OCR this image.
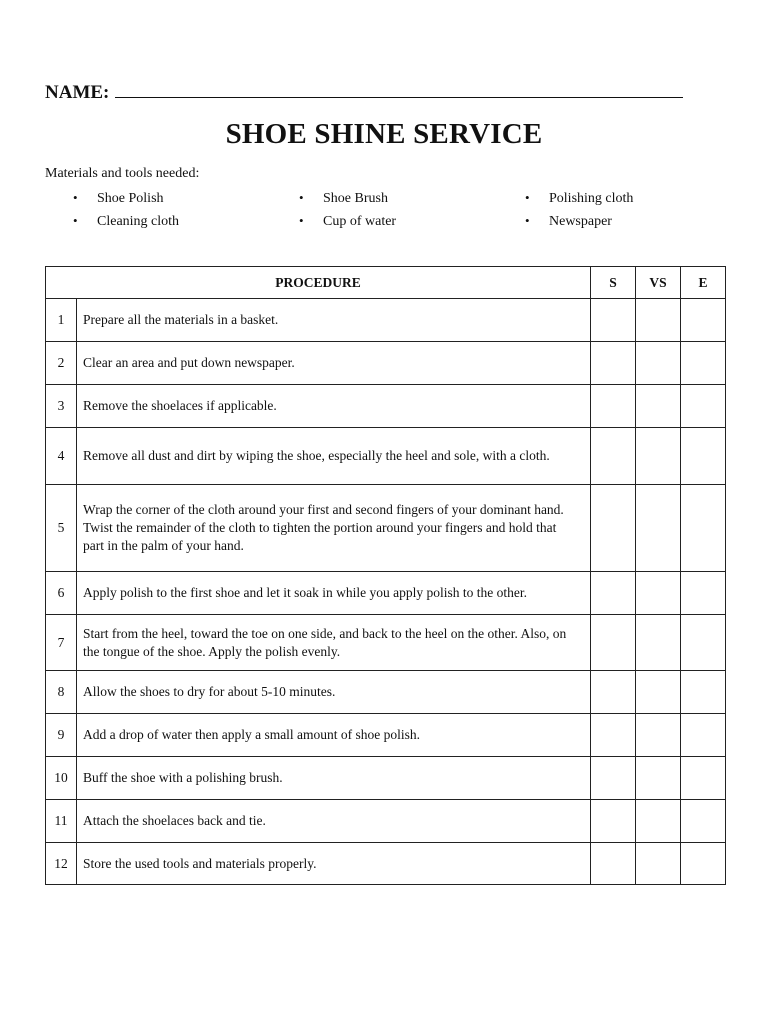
NAME:
SHOE SHINE SERVICE
Materials and tools needed:
• Shoe Polish	• Shoe Brush	• Polishing cloth
• Cleaning cloth	• Cup of water	• Newspaper
PROCEDURE		S	VS	E
1	Prepare all the materials in a basket.			
2	Clear an area and put down newspaper.			
3	Remove the shoelaces if applicable.			
4	Remove all dust and dirt by wiping the shoe, especially the heel and sole, with a cloth.			
5	Wrap the corner of the cloth around your first and second fingers of your dominant hand. Twist the remainder of the cloth to tighten the portion around your fingers and hold that part in the palm of your hand.			
6	Apply polish to the first shoe and let it soak in while you apply polish to the other.			
7	Start from the heel, toward the toe on one side, and back to the heel on the other. Also, on the tongue of the shoe. Apply the polish evenly.			
8	Allow the shoes to dry for about 5-10 minutes.			
9	Add a drop of water then apply a small amount of shoe polish.			
10	Buff the shoe with a polishing brush.			
11	Attach the shoelaces back and tie.			
12	Store the used tools and materials properly.			
